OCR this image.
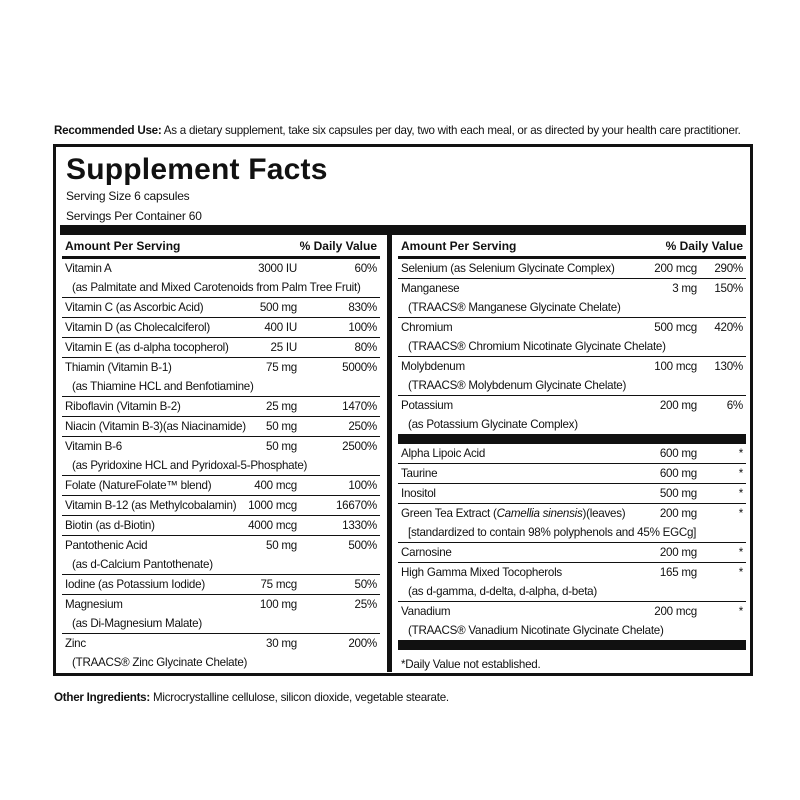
Recommended Use: As a dietary supplement, take six capsules per day, two with each meal, or as directed by your health care practitioner.
Supplement Facts
Serving Size 6 capsules
Servings Per Container 60
Amount Per Serving	% Daily Value
Vitamin A	3000 IU	60%
(as Palmitate and Mixed Carotenoids from Palm Tree Fruit)
Vitamin C (as Ascorbic Acid)	500 mg	830%
Vitamin D (as Cholecalciferol)	400 IU	100%
Vitamin E (as d-alpha tocopherol)	25 IU	80%
Thiamin (Vitamin B-1)	75 mg	5000%
(as Thiamine HCL and Benfotiamine)
Riboflavin (Vitamin B-2)	25 mg	1470%
Niacin (Vitamin B-3)(as Niacinamide) 50 mg	250%
Vitamin B-6	50 mg	2500%
(as Pyridoxine HCL and Pyridoxal-5-Phosphate)
Folate (NatureFolate™ blend)	400 mcg	100%
Vitamin B-12 (as Methylcobalamin) 1000 mcg	16670%
Biotin (as d-Biotin)	4000 mcg	1330%
Pantothenic Acid	50 mg	500%
(as d-Calcium Pantothenate)
Iodine (as Potassium Iodide)	75 mcg	50%
Magnesium	100 mg	25%
(as Di-Magnesium Malate)
Zinc	30 mg	200%
(TRAACS® Zinc Glycinate Chelate)
Amount Per Serving	% Daily Value
Selenium (as Selenium Glycinate Complex)	200 mcg 290%
Manganese	3 mg 150%
(TRAACS® Manganese Glycinate Chelate)
Chromium	500 mcg 420%
(TRAACS® Chromium Nicotinate Glycinate Chelate)
Molybdenum	100 mcg 130%
(TRAACS® Molybdenum Glycinate Chelate)
Potassium	200 mg	6%
(as Potassium Glycinate Complex)
Alpha Lipoic Acid	600 mg	*
Taurine	600 mg	*
Inositol	500 mg	*
Green Tea Extract (Camellia sinensis)(leaves)	200 mg	*
[standardized to contain 98% polyphenols and 45% EGCg]
Carnosine	200 mg	*
High Gamma Mixed Tocopherols	165 mg	*
(as d-gamma, d-delta, d-alpha, d-beta)
Vanadium	200 mcg	*
(TRAACS® Vanadium Nicotinate Glycinate Chelate)
*Daily Value not established.
Other Ingredients: Microcrystalline cellulose, silicon dioxide, vegetable stearate.
